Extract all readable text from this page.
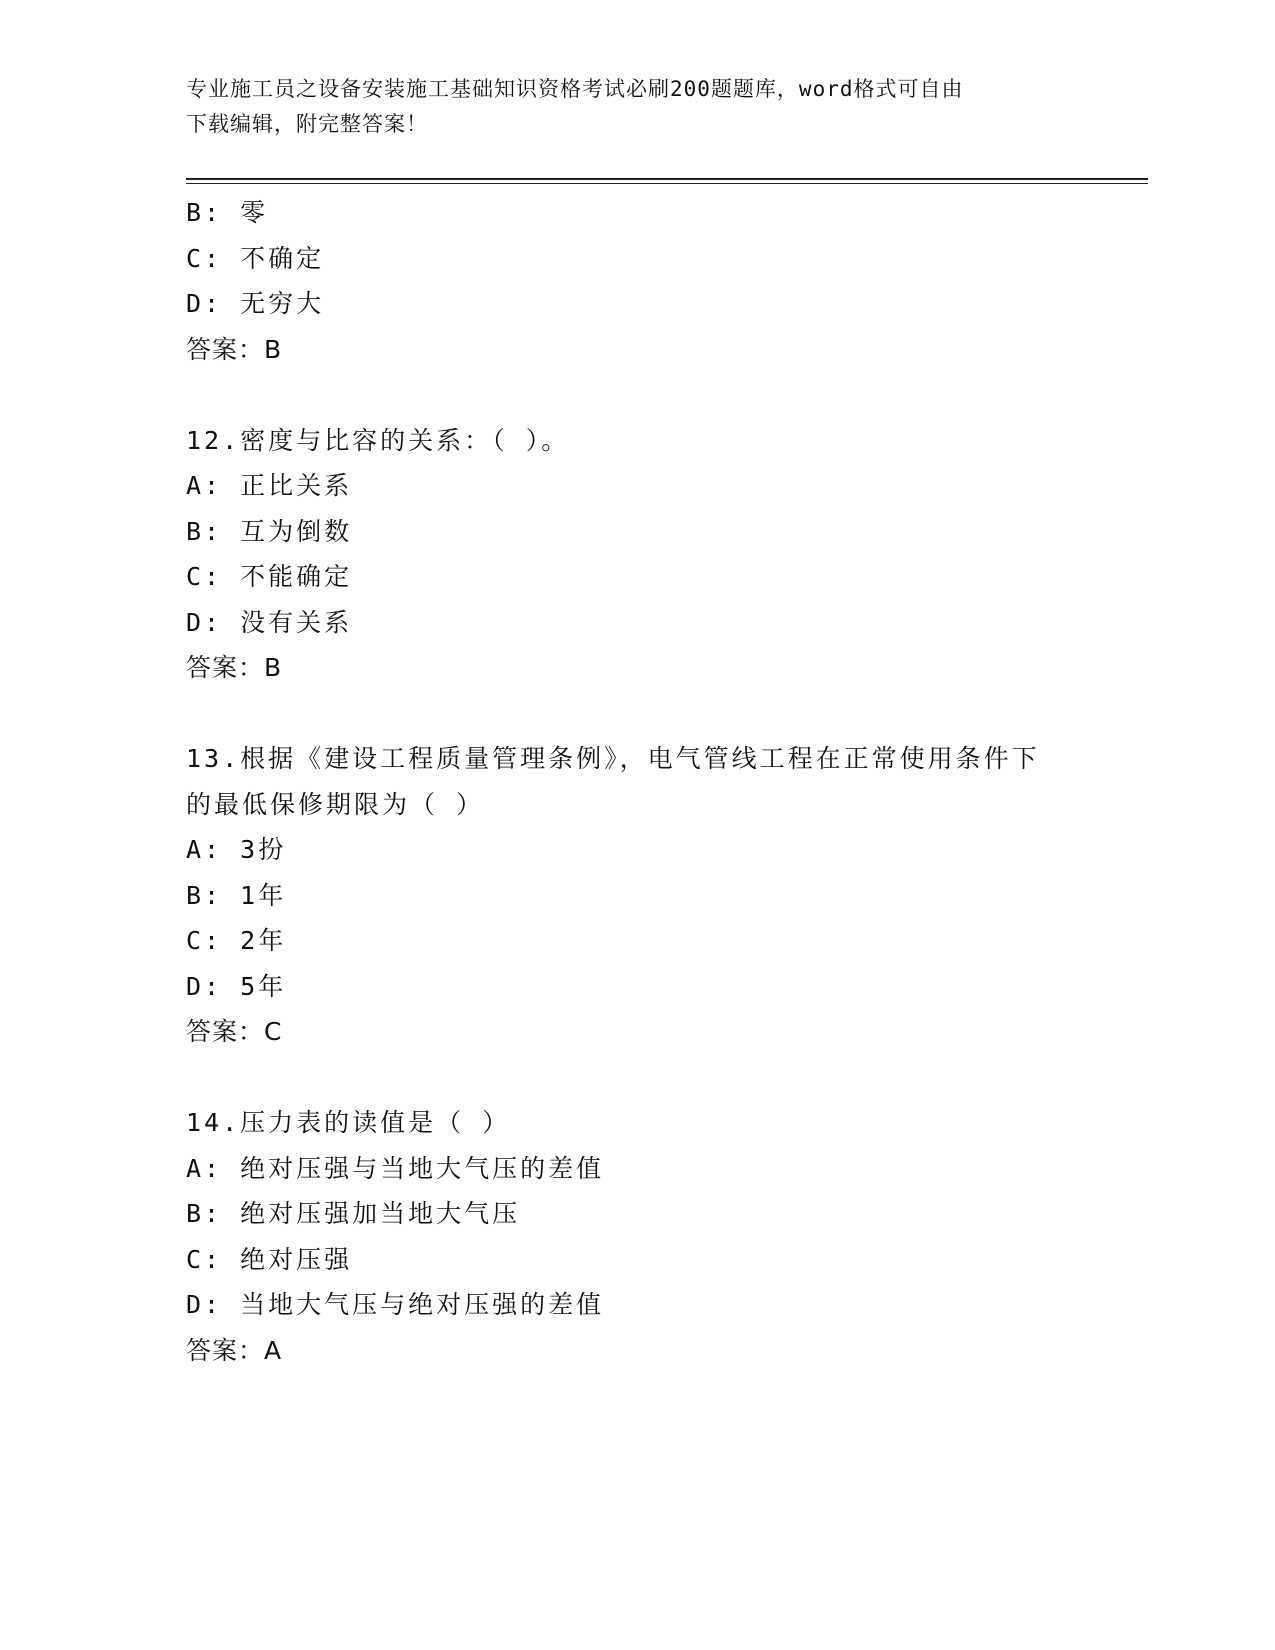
专业施工员之设备安装施工基础知识资格考试必刷200题题库，word格式可自由
下载编辑，附完整答案！
B: 零
C: 不确定
D: 无穷大
答案：B
12.密度与比容的关系：（ ）。
A: 正比关系
B: 互为倒数
C: 不能确定
D: 没有关系
答案：B
13.根据《建设工程质量管理条例》，电气管线工程在正常使用条件下
的最低保修期限为（ ）
A: 3扮
B: 1年
C: 2年
D: 5年
答案：C
14.压力表的读值是（ ）
A: 绝对压强与当地大气压的差值
B: 绝对压强加当地大气压
C: 绝对压强
D: 当地大气压与绝对压强的差值
答案：A
